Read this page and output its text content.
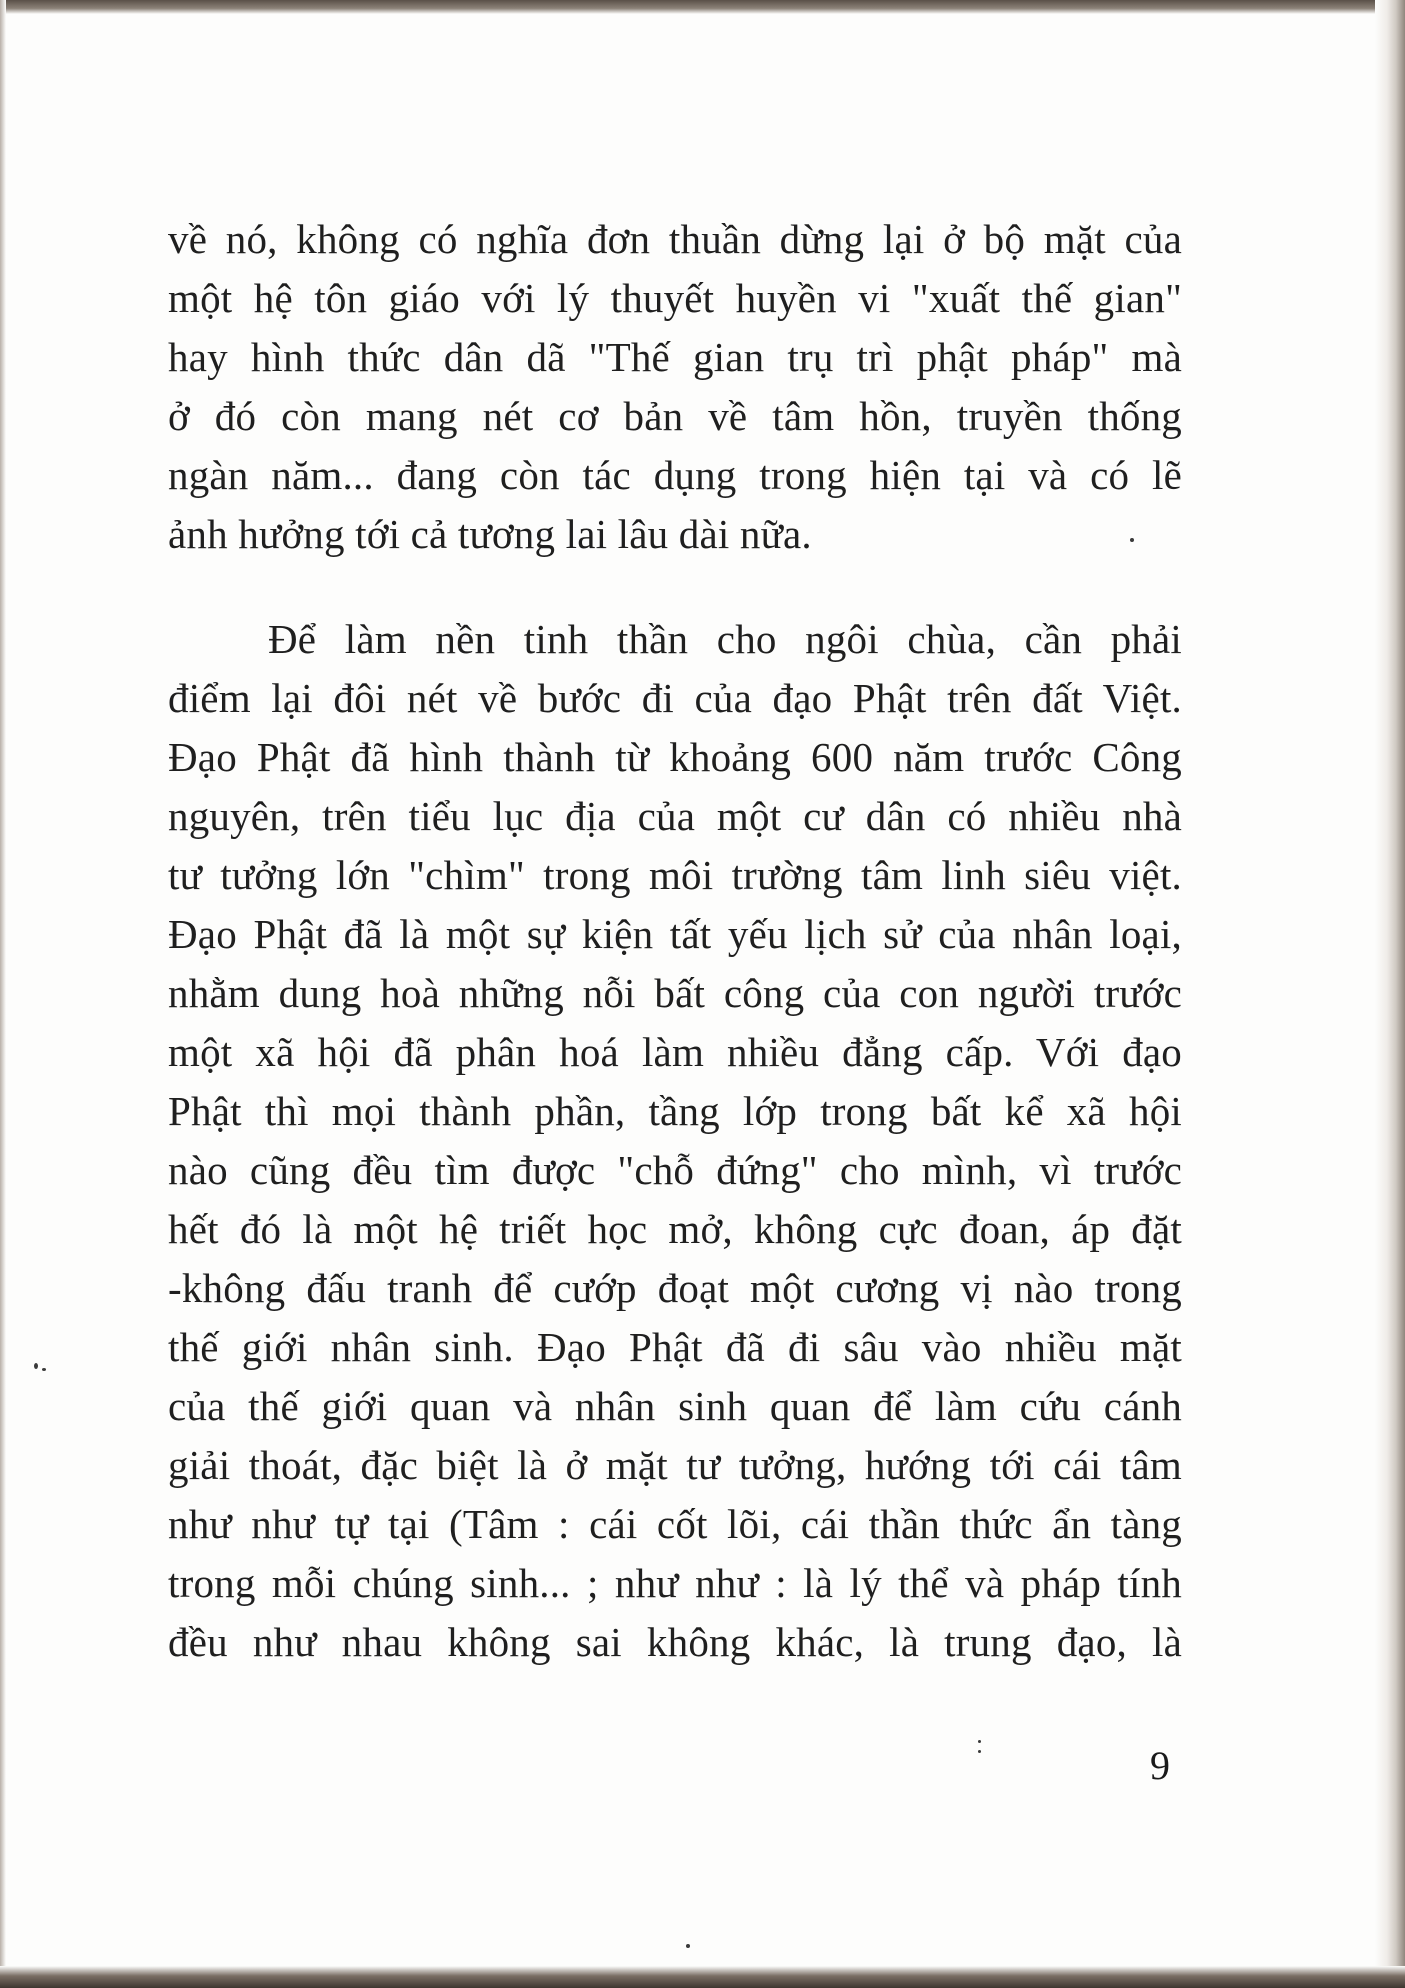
về nó, không có nghĩa đơn thuần dừng lại ở bộ mặt của
một hệ tôn giáo với lý thuyết huyền vi "xuất thế gian"
hay hình thức dân dã "Thế gian trụ trì phật pháp" mà
ở đó còn mang nét cơ bản về tâm hồn, truyền thống
ngàn năm... đang còn tác dụng trong hiện tại và có lẽ
ảnh hưởng tới cả tương lai lâu dài nữa.
Để làm nền tinh thần cho ngôi chùa, cần phải
điểm lại đôi nét về bước đi của đạo Phật trên đất Việt.
Đạo Phật đã hình thành từ khoảng 600 năm trước Công
nguyên, trên tiểu lục địa của một cư dân có nhiều nhà
tư tưởng lớn "chìm" trong môi trường tâm linh siêu việt.
Đạo Phật đã là một sự kiện tất yếu lịch sử của nhân loại,
nhằm dung hoà những nỗi bất công của con người trước
một xã hội đã phân hoá làm nhiều đẳng cấp. Với đạo
Phật thì mọi thành phần, tầng lớp trong bất kể xã hội
nào cũng đều tìm được "chỗ đứng" cho mình, vì trước
hết đó là một hệ triết học mở, không cực đoan, áp đặt
-không đấu tranh để cướp đoạt một cương vị nào trong
thế giới nhân sinh. Đạo Phật đã đi sâu vào nhiều mặt
của thế giới quan và nhân sinh quan để làm cứu cánh
giải thoát, đặc biệt là ở mặt tư tưởng, hướng tới cái tâm
như như tự tại (Tâm : cái cốt lõi, cái thần thức ẩn tàng
trong mỗi chúng sinh... ; như như : là lý thể và pháp tính
đều như nhau không sai không khác, là trung đạo, là
9
